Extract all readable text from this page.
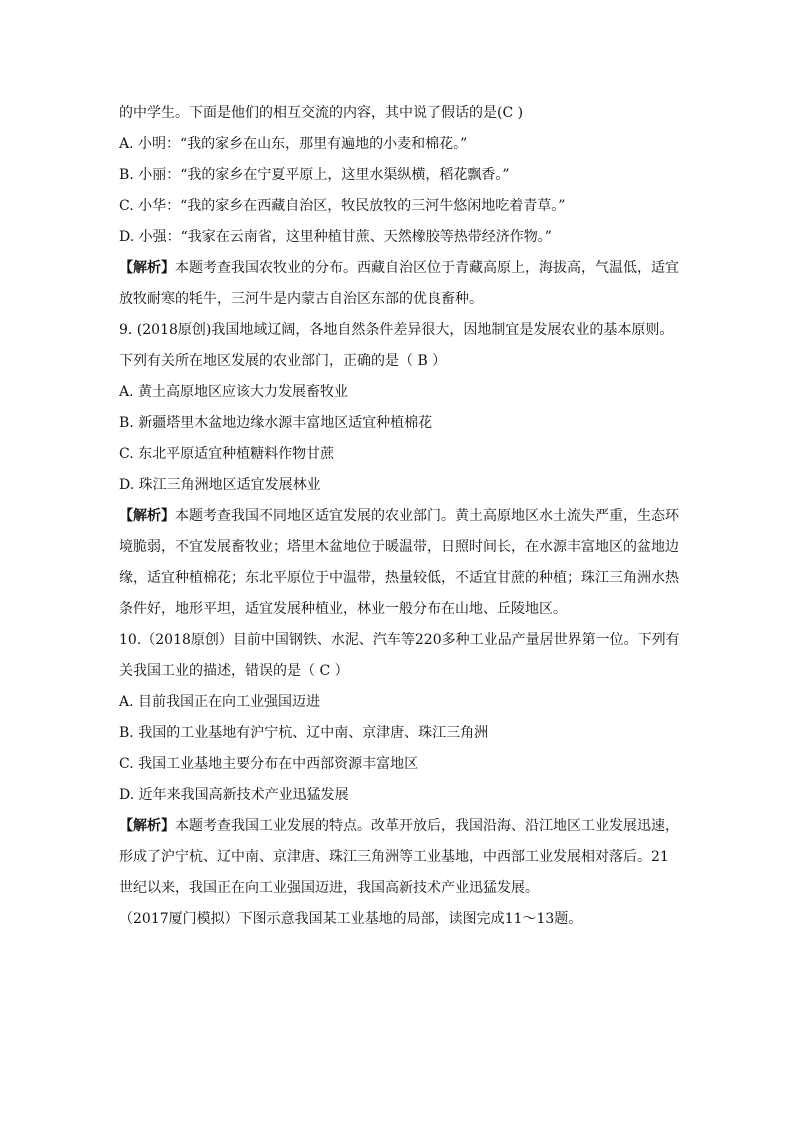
的中学生。下面是他们的相互交流的内容，其中说了假话的是(C )
A. 小明：“我的家乡在山东，那里有遍地的小麦和棉花。”
B. 小丽：“我的家乡在宁夏平原上，这里水渠纵横，稻花飘香。”
C. 小华：“我的家乡在西藏自治区，牧民放牧的三河牛悠闲地吃着青草。”
D. 小强：“我家在云南省，这里种植甘蔗、天然橡胶等热带经济作物。”
【解析】本题考查我国农牧业的分布。西藏自治区位于青藏高原上，海拔高，气温低，适宜
放牧耐寒的牦牛，三河牛是内蒙古自治区东部的优良畜种。
9. (2018原创)我国地域辽阔，各地自然条件差异很大，因地制宜是发展农业的基本原则。
下列有关所在地区发展的农业部门，正确的是（ B ）
A. 黄土高原地区应该大力发展畜牧业
B. 新疆塔里木盆地边缘水源丰富地区适宜种植棉花
C. 东北平原适宜种植糖料作物甘蔗
D. 珠江三角洲地区适宜发展林业
【解析】本题考查我国不同地区适宜发展的农业部门。黄土高原地区水土流失严重，生态环
境脆弱，不宜发展畜牧业；塔里木盆地位于暖温带，日照时间长，在水源丰富地区的盆地边
缘，适宜种植棉花；东北平原位于中温带，热量较低，不适宜甘蔗的种植；珠江三角洲水热
条件好，地形平坦，适宜发展种植业，林业一般分布在山地、丘陵地区。
10.（2018原创）目前中国钢铁、水泥、汽车等220多种工业品产量居世界第一位。下列有
关我国工业的描述，错误的是（ C ）
A. 目前我国正在向工业强国迈进
B. 我国的工业基地有沪宁杭、辽中南、京津唐、珠江三角洲
C. 我国工业基地主要分布在中西部资源丰富地区
D. 近年来我国高新技术产业迅猛发展
【解析】本题考查我国工业发展的特点。改革开放后，我国沿海、沿江地区工业发展迅速，
形成了沪宁杭、辽中南、京津唐、珠江三角洲等工业基地，中西部工业发展相对落后。21
世纪以来，我国正在向工业强国迈进，我国高新技术产业迅猛发展。
（2017厦门模拟）下图示意我国某工业基地的局部，读图完成11～13题。
